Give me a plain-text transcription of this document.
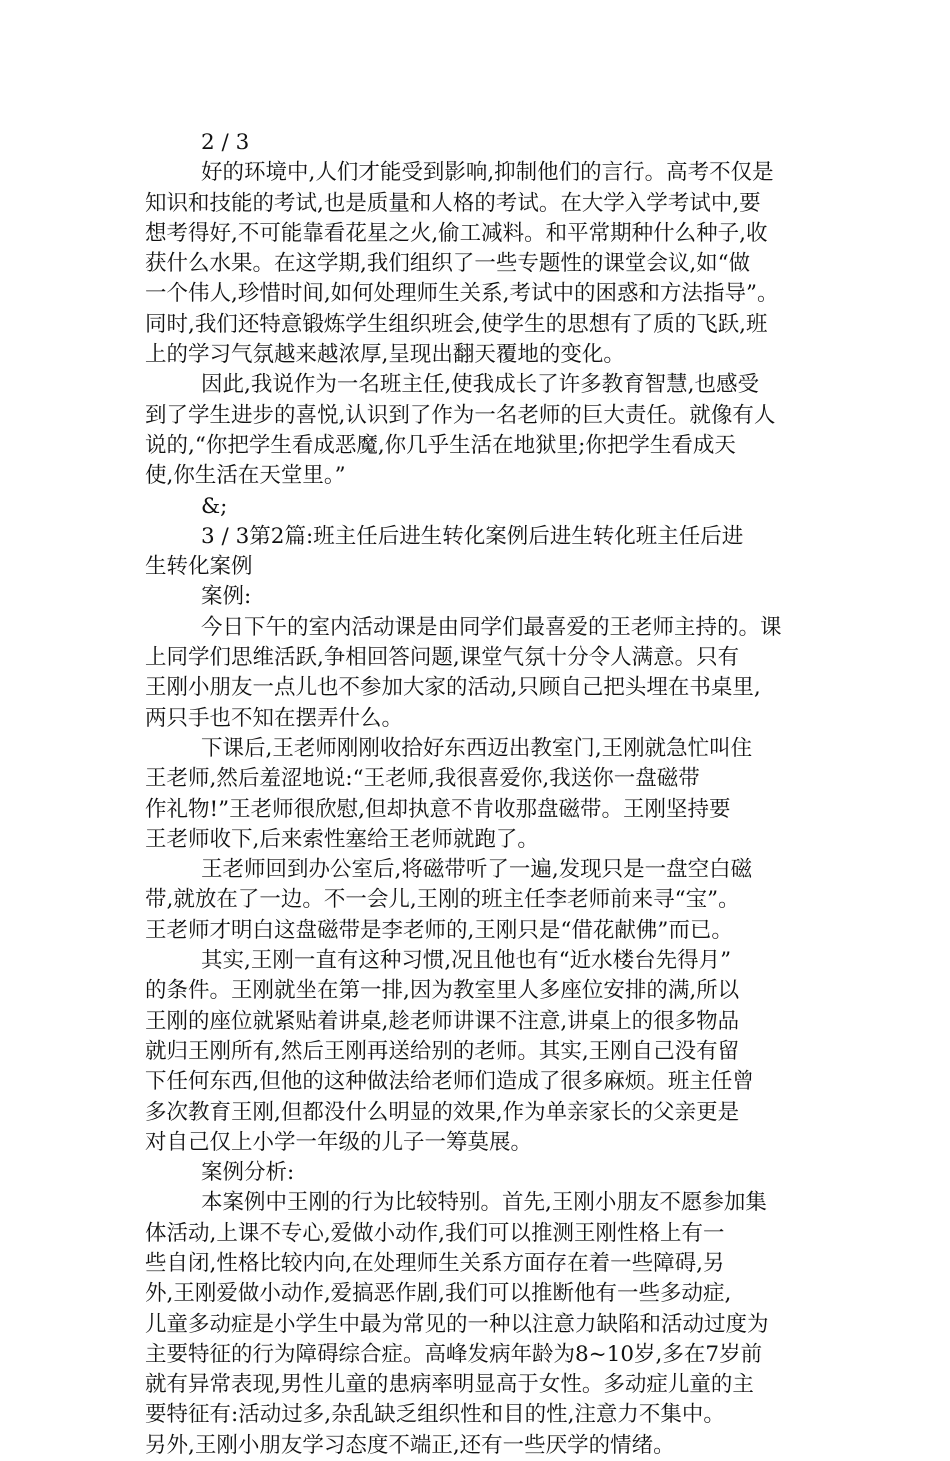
2 / 3
好的环境中,人们才能受到影响,抑制他们的言行。高考不仅是
知识和技能的考试,也是质量和人格的考试。在大学入学考试中,要
想考得好,不可能靠看花星之火,偷工减料。和平常期种什么种子,收
获什么水果。在这学期,我们组织了一些专题性的课堂会议,如“做
一个伟人,珍惜时间,如何处理师生关系,考试中的困惑和方法指导”。
同时,我们还特意锻炼学生组织班会,使学生的思想有了质的飞跃,班
上的学习气氛越来越浓厚,呈现出翻天覆地的变化。
因此,我说作为一名班主任,使我成长了许多教育智慧,也感受
到了学生进步的喜悦,认识到了作为一名老师的巨大责任。就像有人
说的,“你把学生看成恶魔,你几乎生活在地狱里;你把学生看成天
使,你生活在天堂里。”
&;
3 / 3第2篇:班主任后进生转化案例后进生转化班主任后进
生转化案例
案例:
今日下午的室内活动课是由同学们最喜爱的王老师主持的。课
上同学们思维活跃,争相回答问题,课堂气氛十分令人满意。只有
王刚小朋友一点儿也不参加大家的活动,只顾自己把头埋在书桌里,
两只手也不知在摆弄什么。
下课后,王老师刚刚收拾好东西迈出教室门,王刚就急忙叫住
王老师,然后羞涩地说:“王老师,我很喜爱你,我送你一盘磁带
作礼物!”王老师很欣慰,但却执意不肯收那盘磁带。王刚坚持要
王老师收下,后来索性塞给王老师就跑了。
王老师回到办公室后,将磁带听了一遍,发现只是一盘空白磁
带,就放在了一边。不一会儿,王刚的班主任李老师前来寻“宝”。
王老师才明白这盘磁带是李老师的,王刚只是“借花献佛”而已。
其实,王刚一直有这种习惯,况且他也有“近水楼台先得月”
的条件。王刚就坐在第一排,因为教室里人多座位安排的满,所以
王刚的座位就紧贴着讲桌,趁老师讲课不注意,讲桌上的很多物品
就归王刚所有,然后王刚再送给别的老师。其实,王刚自己没有留
下任何东西,但他的这种做法给老师们造成了很多麻烦。班主任曾
多次教育王刚,但都没什么明显的效果,作为单亲家长的父亲更是
对自己仅上小学一年级的儿子一筹莫展。
案例分析:
本案例中王刚的行为比较特别。首先,王刚小朋友不愿参加集
体活动,上课不专心,爱做小动作,我们可以推测王刚性格上有一
些自闭,性格比较内向,在处理师生关系方面存在着一些障碍,另
外,王刚爱做小动作,爱搞恶作剧,我们可以推断他有一些多动症,
儿童多动症是小学生中最为常见的一种以注意力缺陷和活动过度为
主要特征的行为障碍综合症。高峰发病年龄为8~10岁,多在7岁前
就有异常表现,男性儿童的患病率明显高于女性。多动症儿童的主
要特征有:活动过多,杂乱缺乏组织性和目的性,注意力不集中。
另外,王刚小朋友学习态度不端正,还有一些厌学的情绪。
